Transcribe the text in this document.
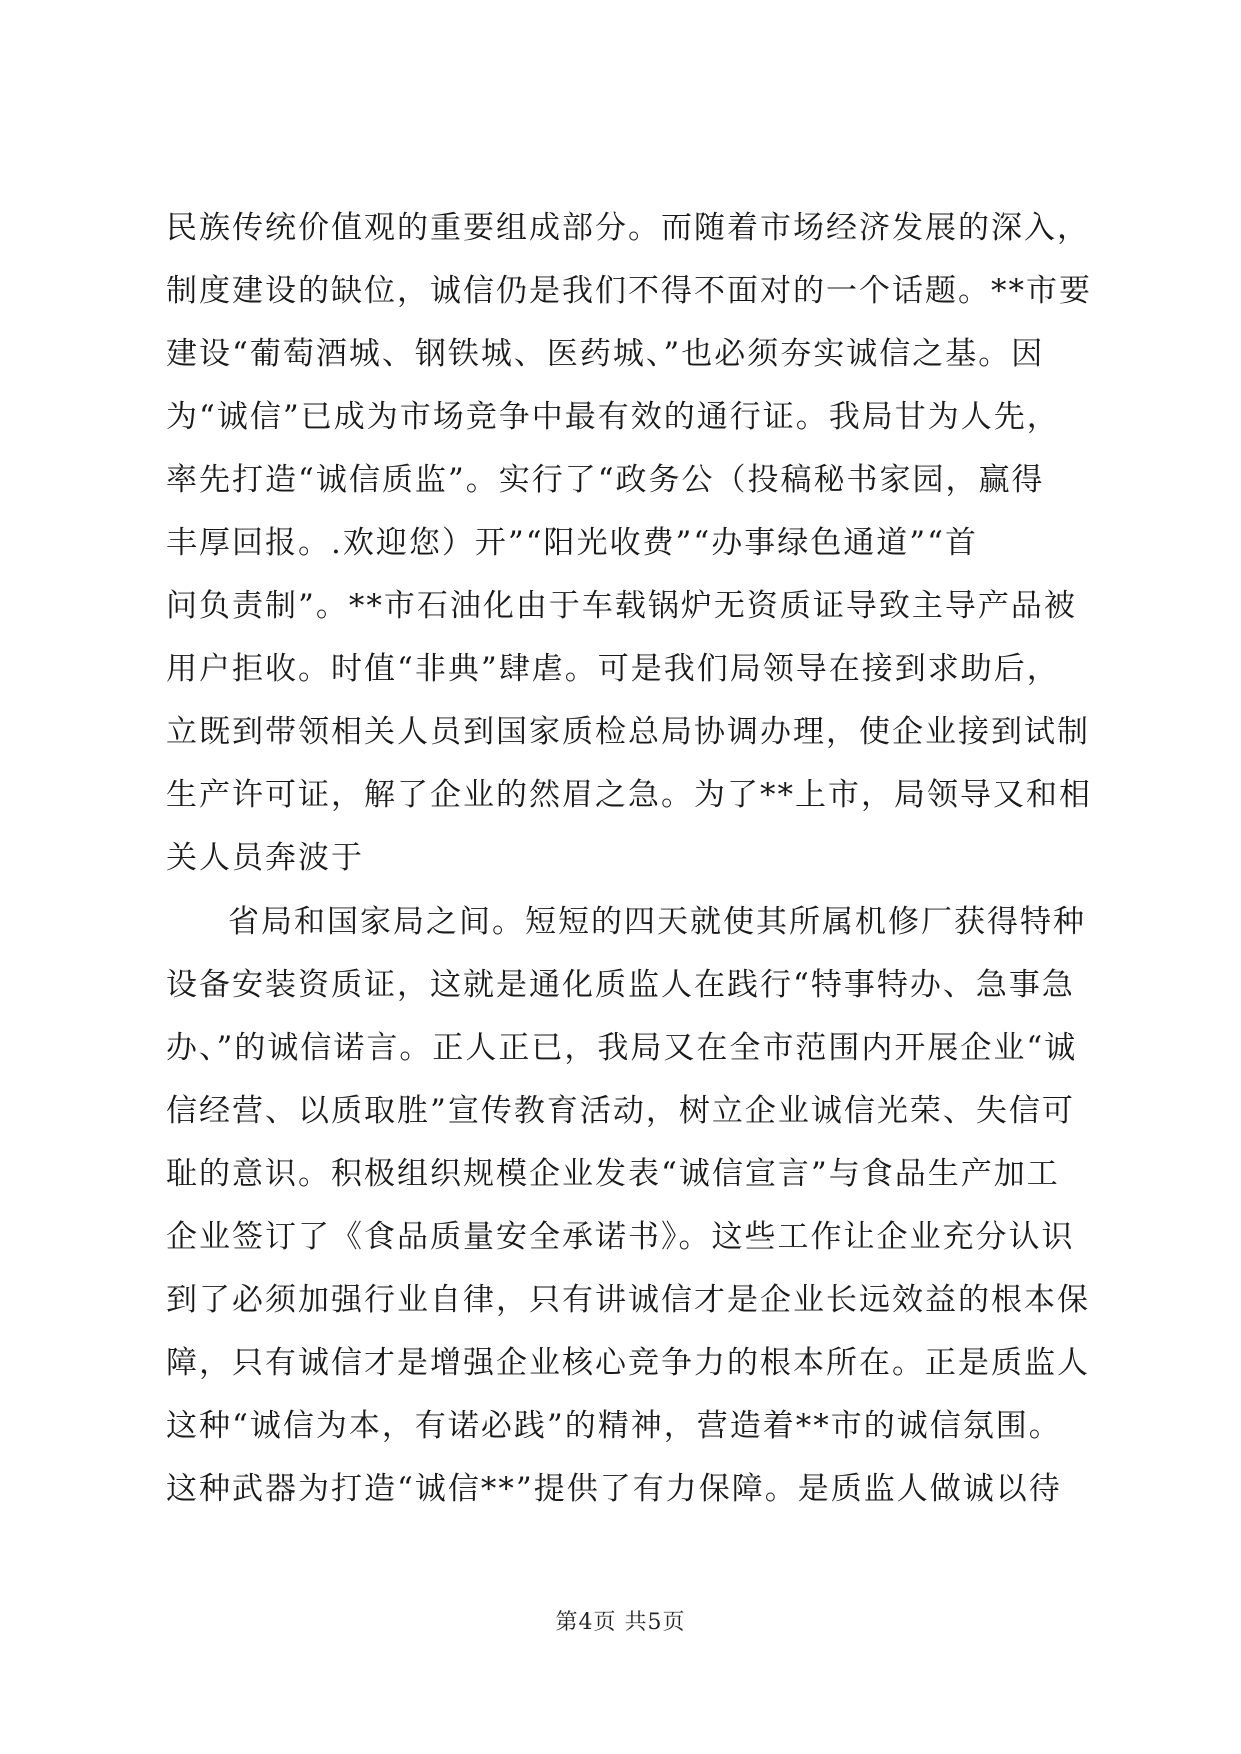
民族传统价值观的重要组成部分。而随着市场经济发展的深入，
制度建设的缺位，诚信仍是我们不得不面对的一个话题。**市要
建设“葡萄酒城、钢铁城、医药城、”也必须夯实诚信之基。因
为“诚信”已成为市场竞争中最有效的通行证。我局甘为人先，
率先打造“诚信质监”。实行了“政务公（投稿秘书家园，赢得
丰厚回报。.欢迎您）开”“阳光收费”“办事绿色通道”“首
问负责制”。**市石油化由于车载锅炉无资质证导致主导产品被
用户拒收。时值“非典”肆虐。可是我们局领导在接到求助后，
立既到带领相关人员到国家质检总局协调办理，使企业接到试制
生产许可证，解了企业的然眉之急。为了**上市，局领导又和相
关人员奔波于
省局和国家局之间。短短的四天就使其所属机修厂获得特种
设备安装资质证，这就是通化质监人在践行“特事特办、急事急
办、”的诚信诺言。正人正已，我局又在全市范围内开展企业“诚
信经营、以质取胜”宣传教育活动，树立企业诚信光荣、失信可
耻的意识。积极组织规模企业发表“诚信宣言”与食品生产加工
企业签订了《食品质量安全承诺书》。这些工作让企业充分认识
到了必须加强行业自律，只有讲诚信才是企业长远效益的根本保
障，只有诚信才是增强企业核心竞争力的根本所在。正是质监人
这种“诚信为本，有诺必践”的精神，营造着**市的诚信氛围。
这种武器为打造“诚信**”提供了有力保障。是质监人做诚以待
第4页 共5页
